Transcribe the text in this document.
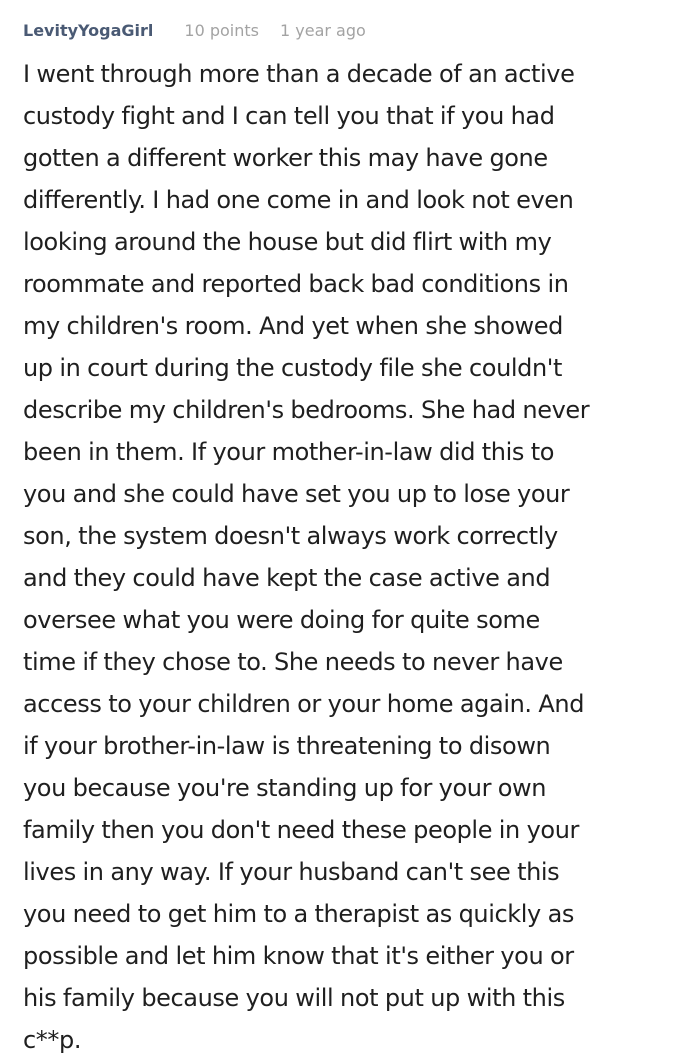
LevityYogaGirl 10 points 1 year ago
I went through more than a decade of an active
custody fight and I can tell you that if you had
gotten a different worker this may have gone
differently. I had one come in and look not even
looking around the house but did flirt with my
roommate and reported back bad conditions in
my children's room. And yet when she showed
up in court during the custody file she couldn't
describe my children's bedrooms. She had never
been in them. If your mother-in-law did this to
you and she could have set you up to lose your
son, the system doesn't always work correctly
and they could have kept the case active and
oversee what you were doing for quite some
time if they chose to. She needs to never have
access to your children or your home again. And
if your brother-in-law is threatening to disown
you because you're standing up for your own
family then you don't need these people in your
lives in any way. If your husband can't see this
you need to get him to a therapist as quickly as
possible and let him know that it's either you or
his family because you will not put up with this
c**p.
